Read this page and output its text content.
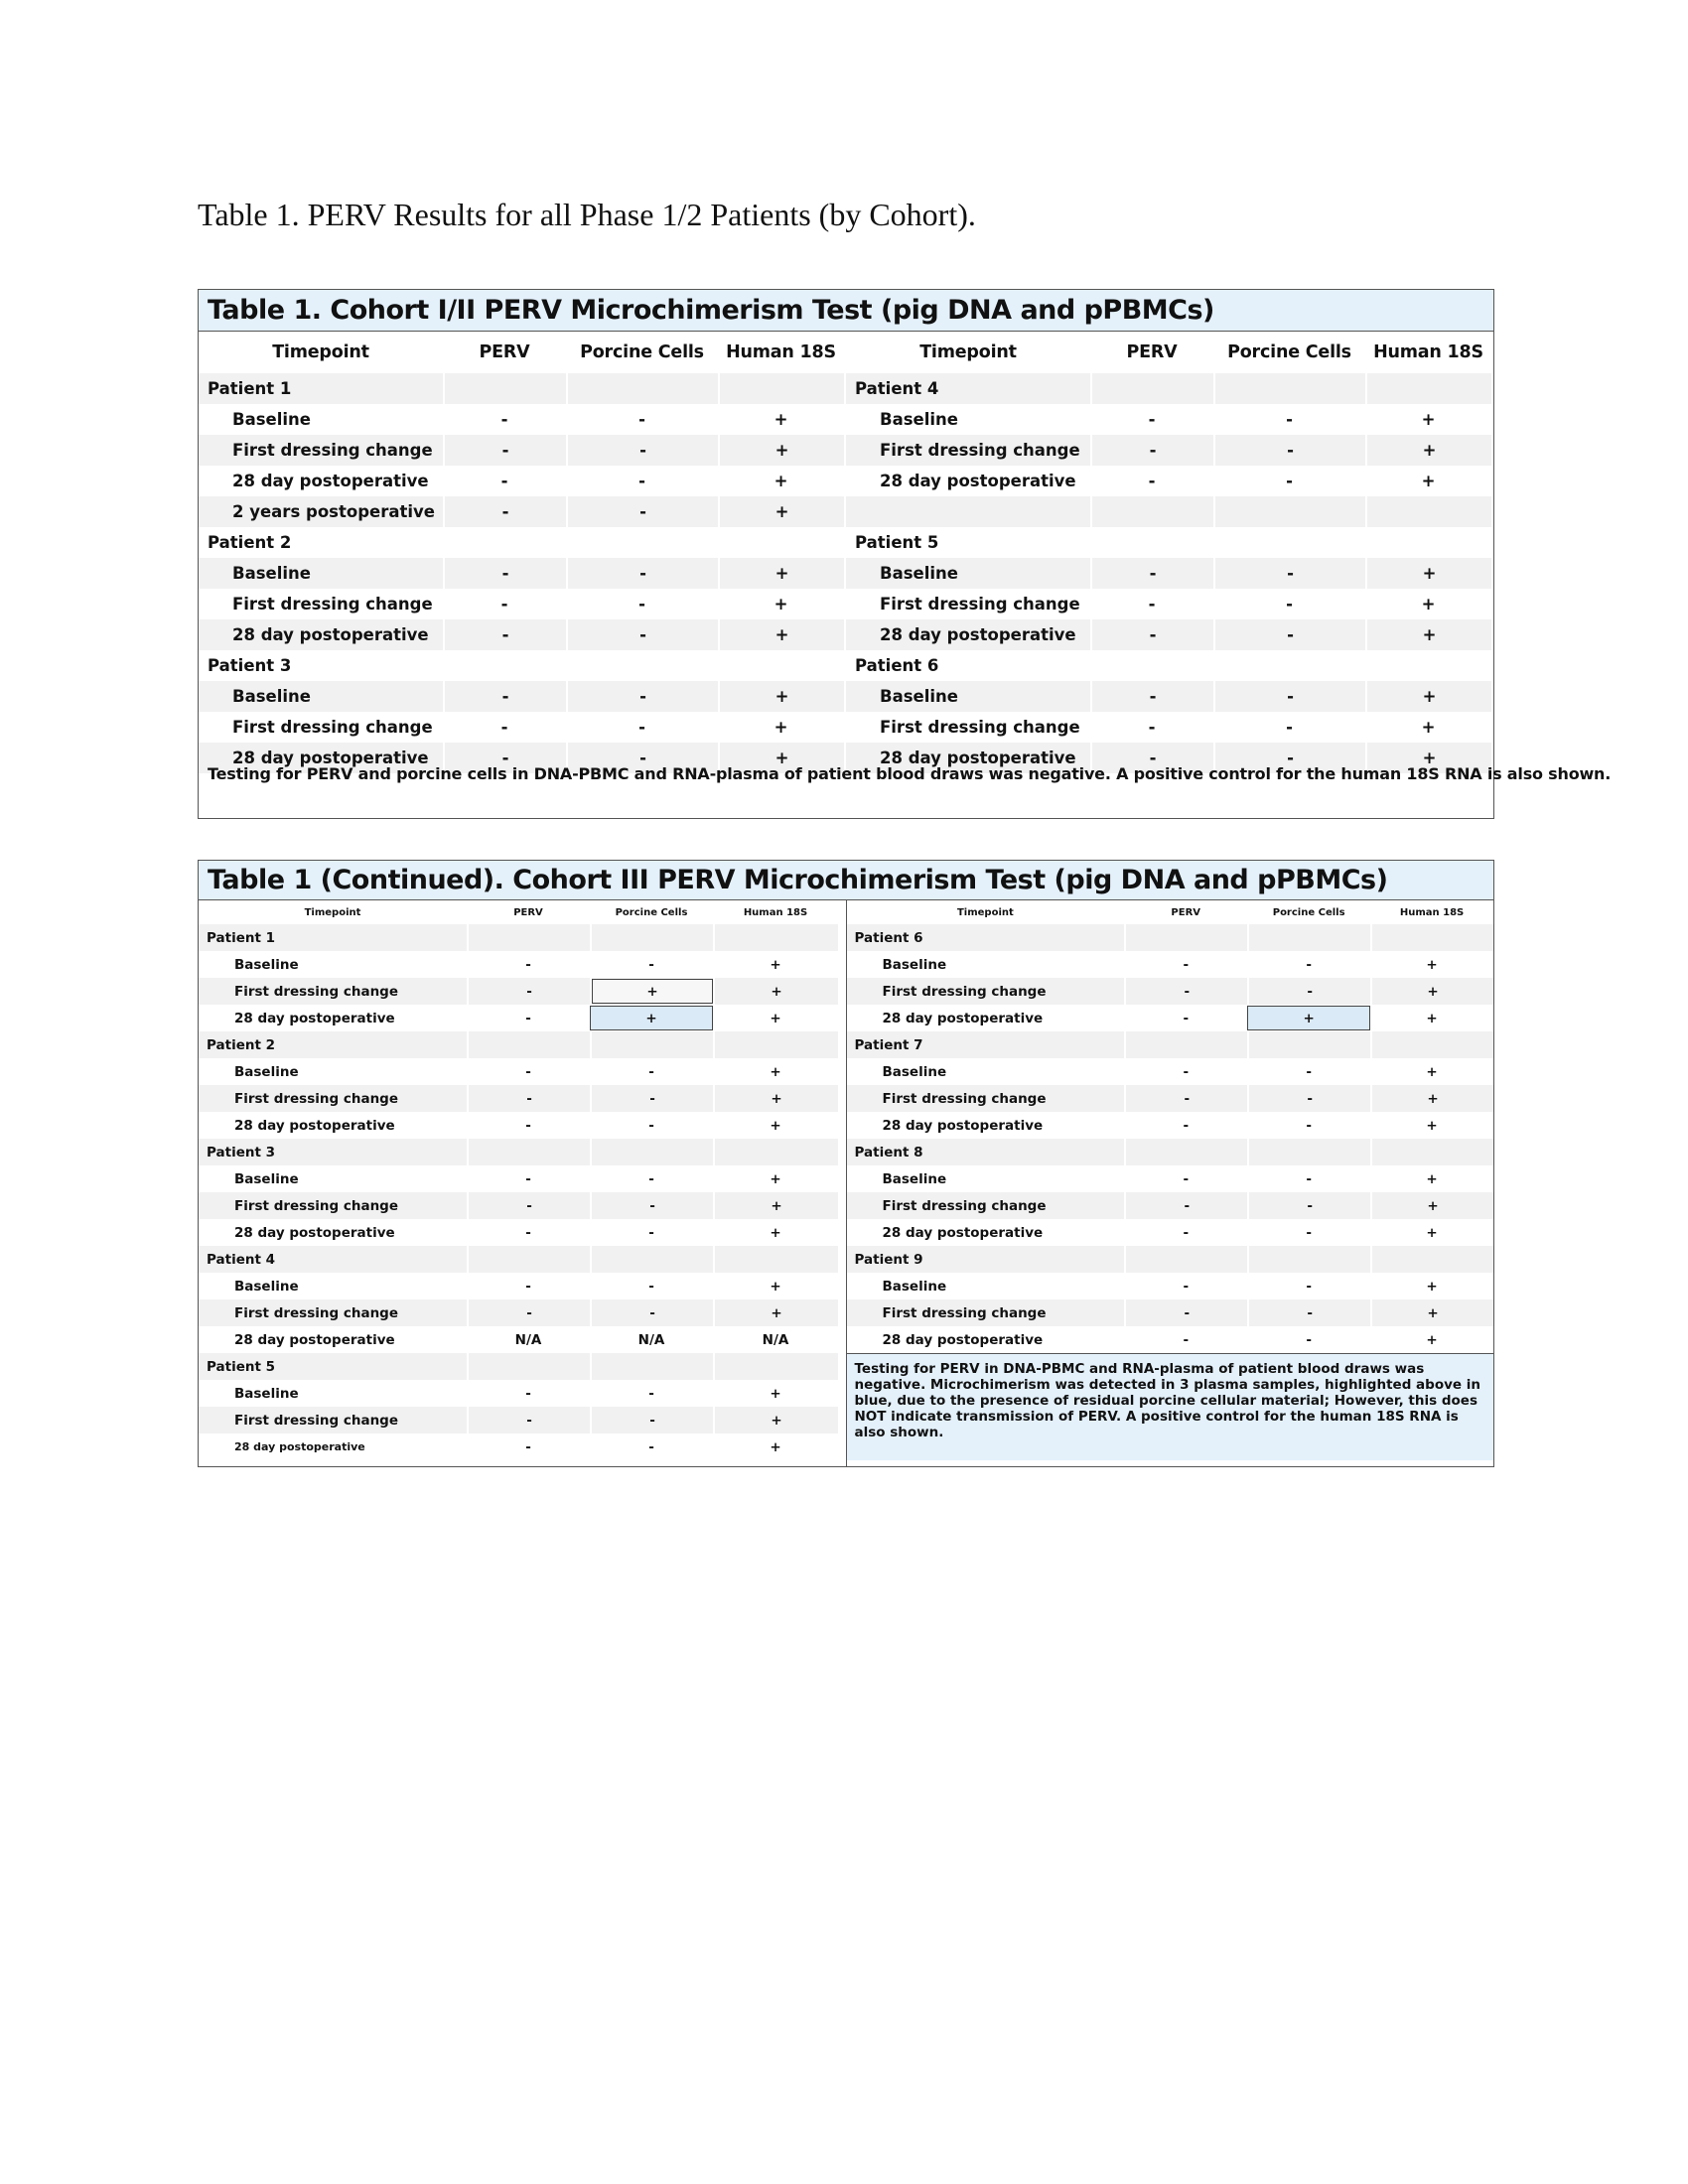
Table 1. PERV Results for all Phase 1/2 Patients (by Cohort).
Table 1. Cohort I/II PERV Microchimerism Test (pig DNA and pPBMCs)
Timepoint	PERV	Porcine Cells	Human 18S
Patient 1
Baseline	-	-	+
First dressing change	-	-	+
28 day postoperative	-	-	+
2 years postoperative	-	-	+
Patient 2
Baseline	-	-	+
First dressing change	-	-	+
28 day postoperative	-	-	+
Patient 3
Baseline	-	-	+
First dressing change	-	-	+
28 day postoperative	-	-	+
Timepoint	PERV	Porcine Cells	Human 18S
Patient 4
Baseline	-	-	+
First dressing change	-	-	+
28 day postoperative	-	-	+
Patient 5
Baseline	-	-	+
First dressing change	-	-	+
28 day postoperative	-	-	+
Patient 6
Baseline	-	-	+
First dressing change	-	-	+
28 day postoperative	-	-	+
Testing for PERV and porcine cells in DNA-PBMC and RNA-plasma of patient blood draws was negative. A positive control for the human 18S RNA is also shown.
Table 1 (Continued). Cohort III PERV Microchimerism Test (pig DNA and pPBMCs)
Timepoint	PERV	Porcine Cells	Human 18S
Patient 1
Baseline	-	-	+
First dressing change	-	+	+
28 day postoperative	-	+	+
Patient 2
Baseline	-	-	+
First dressing change	-	-	+
28 day postoperative	-	-	+
Patient 3
Baseline	-	-	+
First dressing change	-	-	+
28 day postoperative	-	-	+
Patient 4
Baseline	-	-	+
First dressing change	-	-	+
28 day postoperative	N/A	N/A	N/A
Patient 5
Baseline	-	-	+
First dressing change	-	-	+
28 day postoperative	-	-	+
Timepoint	PERV	Porcine Cells	Human 18S
Patient 6
Baseline	-	-	+
First dressing change	-	-	+
28 day postoperative	-	+	+
Patient 7
Baseline	-	-	+
First dressing change	-	-	+
28 day postoperative	-	-	+
Patient 8
Baseline	-	-	+
First dressing change	-	-	+
28 day postoperative	-	-	+
Patient 9
Baseline	-	-	+
First dressing change	-	-	+
28 day postoperative	-	-	+
Testing for PERV in DNA-PBMC and RNA-plasma of patient blood draws was negative. Microchimerism was detected in 3 plasma samples, highlighted above in blue, due to the presence of residual porcine cellular material; However, this does NOT indicate transmission of PERV. A positive control for the human 18S RNA is also shown.
